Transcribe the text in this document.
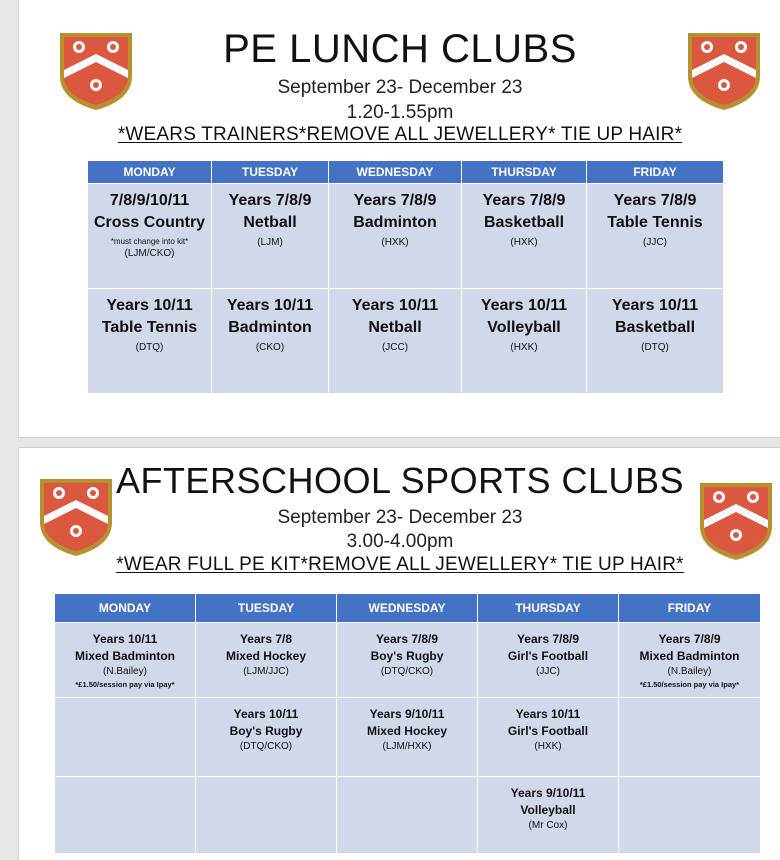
PE LUNCH CLUBS
September 23- December 23
1.20-1.55pm
*WEARS TRAINERS*REMOVE ALL JEWELLERY* TIE UP HAIR*
MONDAY	TUESDAY	WEDNESDAY	THURSDAY	FRIDAY

7/8/9/10/11
Cross Country
*must change into kit*
(LJM/CKO)	Years 7/8/9
Netball
(LJM)	Years 7/8/9
Badminton
(HXK)	Years 7/8/9
Basketball
(HXK)	Years 7/8/9
Table Tennis
(JJC)

Years 10/11
Table Tennis
(DTQ)	Years 10/11
Badminton
(CKO)	Years 10/11
Netball
(JCC)	Years 10/11
Volleyball
(HXK)	Years 10/11
Basketball
(DTQ)
AFTERSCHOOL SPORTS CLUBS
September 23- December 23
3.00-4.00pm
*WEAR FULL PE KIT*REMOVE ALL JEWELLERY* TIE UP HAIR*
MONDAY	TUESDAY	WEDNESDAY	THURSDAY	FRIDAY

Years 10/11
Mixed Badminton
(N.Bailey)
*£1.50/session pay via Ipay*	Years 7/8
Mixed Hockey
(LJM/JJC)	Years 7/8/9
Boy's Rugby
(DTQ/CKO)	Years 7/8/9
Girl's Football
(JJC)	Years 7/8/9
Mixed Badminton
(N.Bailey)
*£1.50/session pay via Ipay*

	Years 10/11
Boy's Rugby
(DTQ/CKO)	Years 9/10/11
Mixed Hockey
(LJM/HXK)	Years 10/11
Girl's Football
(HXK)	

			Years 9/10/11
Volleyball
(Mr Cox)	
